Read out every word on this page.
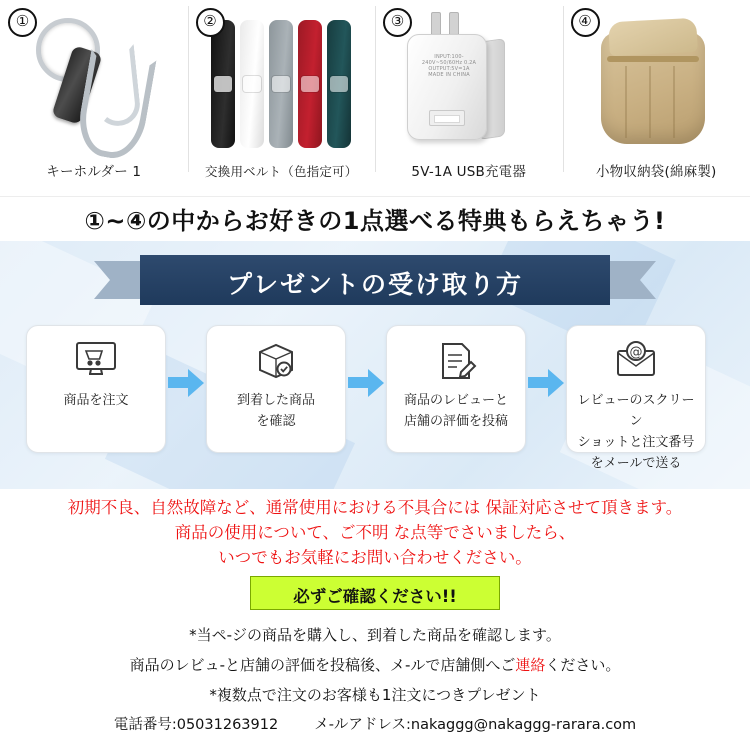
①
キーホルダー 1
②
交換用ベルト（色指定可）
③
INPUT:100-240V~50/60Hz 0.2A
OUTPUT:5V=1A
MADE IN CHINA
5V-1A USB充電器
④
小物収納袋(綿麻製)
①~④の中からお好きの1点選べる特典もらえちゃう!
プレゼントの受け取り方
商品を注文	到着した商品
を確認
商品のレビューと
店舗の評価を投稿
@
レビューのスクリーン
ショットと注文番号
をメールで送る
初期不良、自然故障など、通常使用における不具合には 保証対応させて頂きます。
商品の使用について、ご不明 な点等でさいましたら、
いつでもお気軽にお問い合わせください。
必ずご確認ください!!
*当ペ-ジの商品を購入し、到着した商品を確認します。
商品のレビュ-と店舗の評価を投稿後、メ-ルで店舗側へご連絡ください。
*複数点で注文のお客様も1注文につきプレゼント
電話番号:05031263912 メ-ルアドレス:nakaggg@nakaggg-rarara.com
